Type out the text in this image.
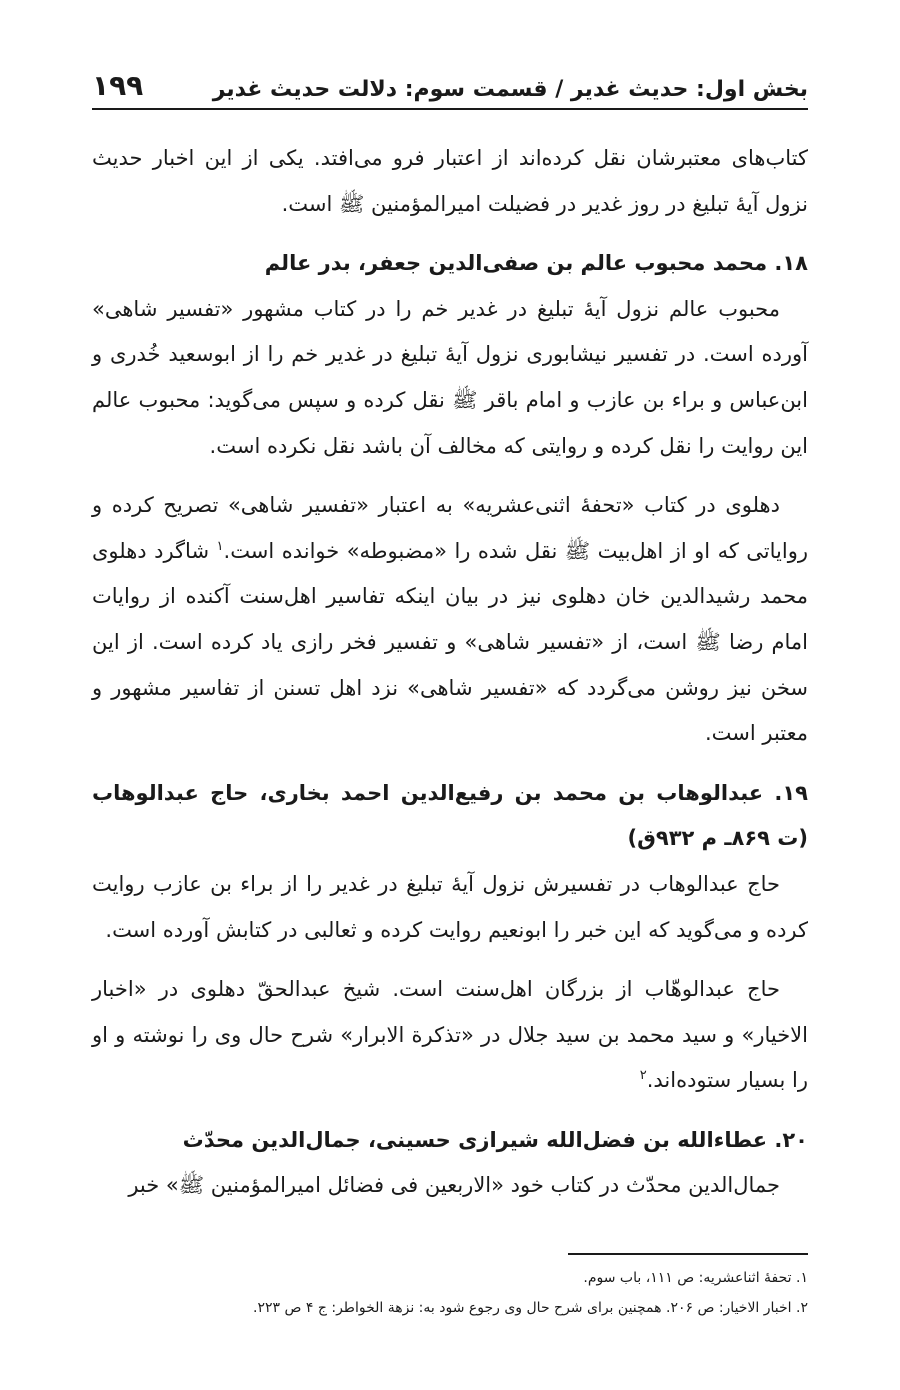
بخش اول: حدیث غدیر / قسمت سوم: دلالت حدیث غدیر
۱۹۹

کتاب‌های معتبرشان نقل کرده‌اند از اعتبار فرو می‌افتد. یکی از این اخبار حدیث نزول آیهٔ تبلیغ در روز غدیر در فضیلت امیرالمؤمنین ﷺ است.

۱۸. محمد محبوب عالم بن صفی‌الدین جعفر، بدر عالم

محبوب عالم نزول آیهٔ تبلیغ در غدیر خم را در کتاب مشهور «تفسیر شاهی» آورده است. در تفسیر نیشابوری نزول آیهٔ تبلیغ در غدیر خم را از ابوسعید خُدری و ابن‌عباس و براء بن عازب و امام باقر ﷺ نقل کرده و سپس می‌گوید: محبوب عالم این روایت را نقل کرده و روایتی که مخالف آن باشد نقل نکرده است.

دهلوی در کتاب «تحفهٔ اثنی‌عشریه» به اعتبار «تفسیر شاهی» تصریح کرده و روایاتی که او از اهل‌بیت ﷺ نقل شده را «مضبوطه» خوانده است.$^۱$ شاگرد دهلوی محمد رشیدالدین خان دهلوی نیز در بیان اینکه تفاسیر اهل‌سنت آکنده از روایات امام رضا ﷺ است، از «تفسیر شاهی» و تفسیر فخر رازی یاد کرده است. از این سخن نیز روشن می‌گردد که «تفسیر شاهی» نزد اهل تسنن از تفاسیر مشهور و معتبر است.

۱۹. عبدالوهاب بن محمد بن رفیع‌الدین احمد بخاری، حاج عبدالوهاب (ت ۸۶۹ـ م ۹۳۲ق)

حاج عبدالوهاب در تفسیرش نزول آیهٔ تبلیغ در غدیر را از براء بن عازب روایت کرده و می‌گوید که این خبر را ابونعیم روایت کرده و ثعالبی در کتابش آورده است.

حاج عبدالوهّاب از بزرگان اهل‌سنت است. شیخ عبدالحقّ دهلوی در «اخبار الاخیار» و سید محمد بن سید جلال در «تذکرة الابرار» شرح حال وی را نوشته و او را بسیار ستوده‌اند.$^۲$

۲۰. عطاءالله بن فضل‌الله شیرازی حسینی، جمال‌الدین محدّث

جمال‌الدین محدّث در کتاب خود «الاربعین فی فضائل امیرالمؤمنین ﷺ» خبر

۱. تحفهٔ اثناعشریه: ص ۱۱۱، باب سوم.
۲. اخبار الاخیار: ص ۲۰۶. همچنین برای شرح حال وی رجوع شود به: نزهة الخواطر: ج ۴ ص ۲۲۳.
